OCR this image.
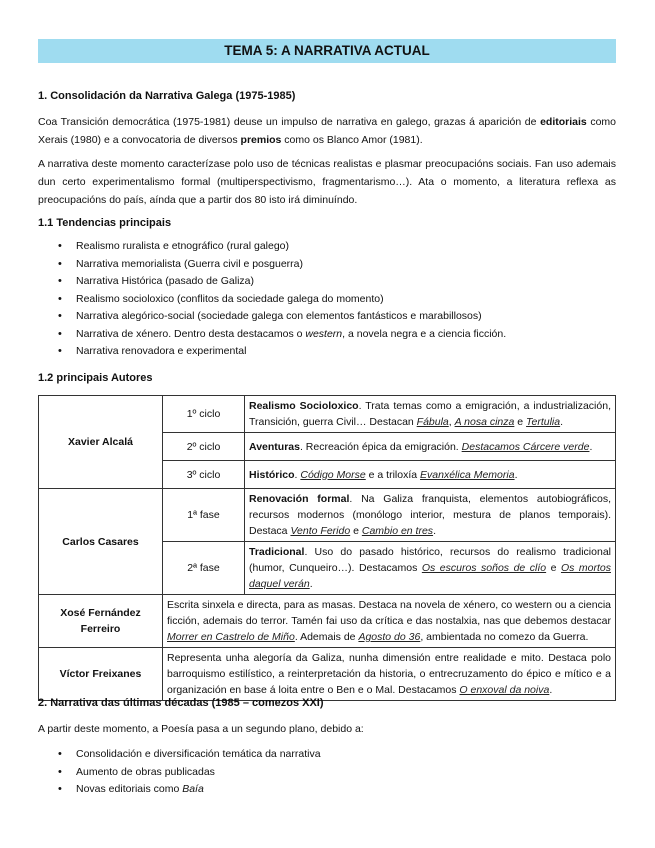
TEMA 5: A NARRATIVA ACTUAL
1. Consolidación da Narrativa Galega (1975-1985)
Coa Transición democrática (1975-1981) deuse un impulso de narrativa en galego, grazas á aparición de editoriais como Xerais (1980) e a convocatoria de diversos premios como os Blanco Amor (1981).
A narrativa deste momento caracterízase polo uso de técnicas realistas e plasmar preocupacións sociais. Fan uso ademais dun certo experimentalismo formal (multiperspectivismo, fragmentarismo…). Ata o momento, a literatura reflexa as preocupacións do país, aínda que a partir dos 80 isto irá diminuíndo.
1.1 Tendencias principais
• Realismo ruralista e etnográfico (rural galego)
• Narrativa memorialista (Guerra civil e posguerra)
• Narrativa Histórica (pasado de Galiza)
• Realismo socioloxico (conflitos da sociedade galega do momento)
• Narrativa alegórico-social (sociedade galega con elementos fantásticos e marabillosos)
• Narrativa de xénero. Dentro desta destacamos o western, a novela negra e a ciencia ficción.
• Narrativa renovadora e experimental
1.2 principais Autores
Xavier Alcalá	1º ciclo	Realismo Socioloxico. Trata temas como a emigración, a industrialización, Transición, guerra Civil… Destacan Fábula, A nosa cinza e Tertulia.
	2º ciclo	Aventuras. Recreación épica da emigración. Destacamos Cárcere verde.
	3º ciclo	Histórico. Código Morse e a triloxía Evanxélica Memoria.
Carlos Casares	1ª fase	Renovación formal. Na Galiza franquista, elementos autobiográficos, recursos modernos (monólogo interior, mestura de planos temporais). Destaca Vento Ferido e Cambio en tres.
	2ª fase	Tradicional. Uso do pasado histórico, recursos do realismo tradicional (humor, Cunqueiro…). Destacamos Os escuros soños de clío e Os mortos daquel verán.
Xosé Fernández Ferreiro	Escrita sinxela e directa, para as masas. Destaca na novela de xénero, co western ou a ciencia ficción, ademais do terror. Tamén fai uso da crítica e das nostalxia, nas que debemos destacar Morrer en Castrelo de Miño. Ademais de Agosto do 36, ambientada no comezo da Guerra.	
Víctor Freixanes	Representa unha alegoría da Galiza, nunha dimensión entre realidade e mito. Destaca polo barroquismo estilístico, a reinterpretación da historia, o entrecruzamento do épico e mítico e a organización en base á loita entre o Ben e o Mal. Destacamos O enxoval da noiva.	
2. Narrativa das últimas décadas (1985 – comezos XXI)
A partir deste momento, a Poesía pasa a un segundo plano, debido a:
• Consolidación e diversificación temática da narrativa
• Aumento de obras publicadas
• Novas editoriais como Baía
